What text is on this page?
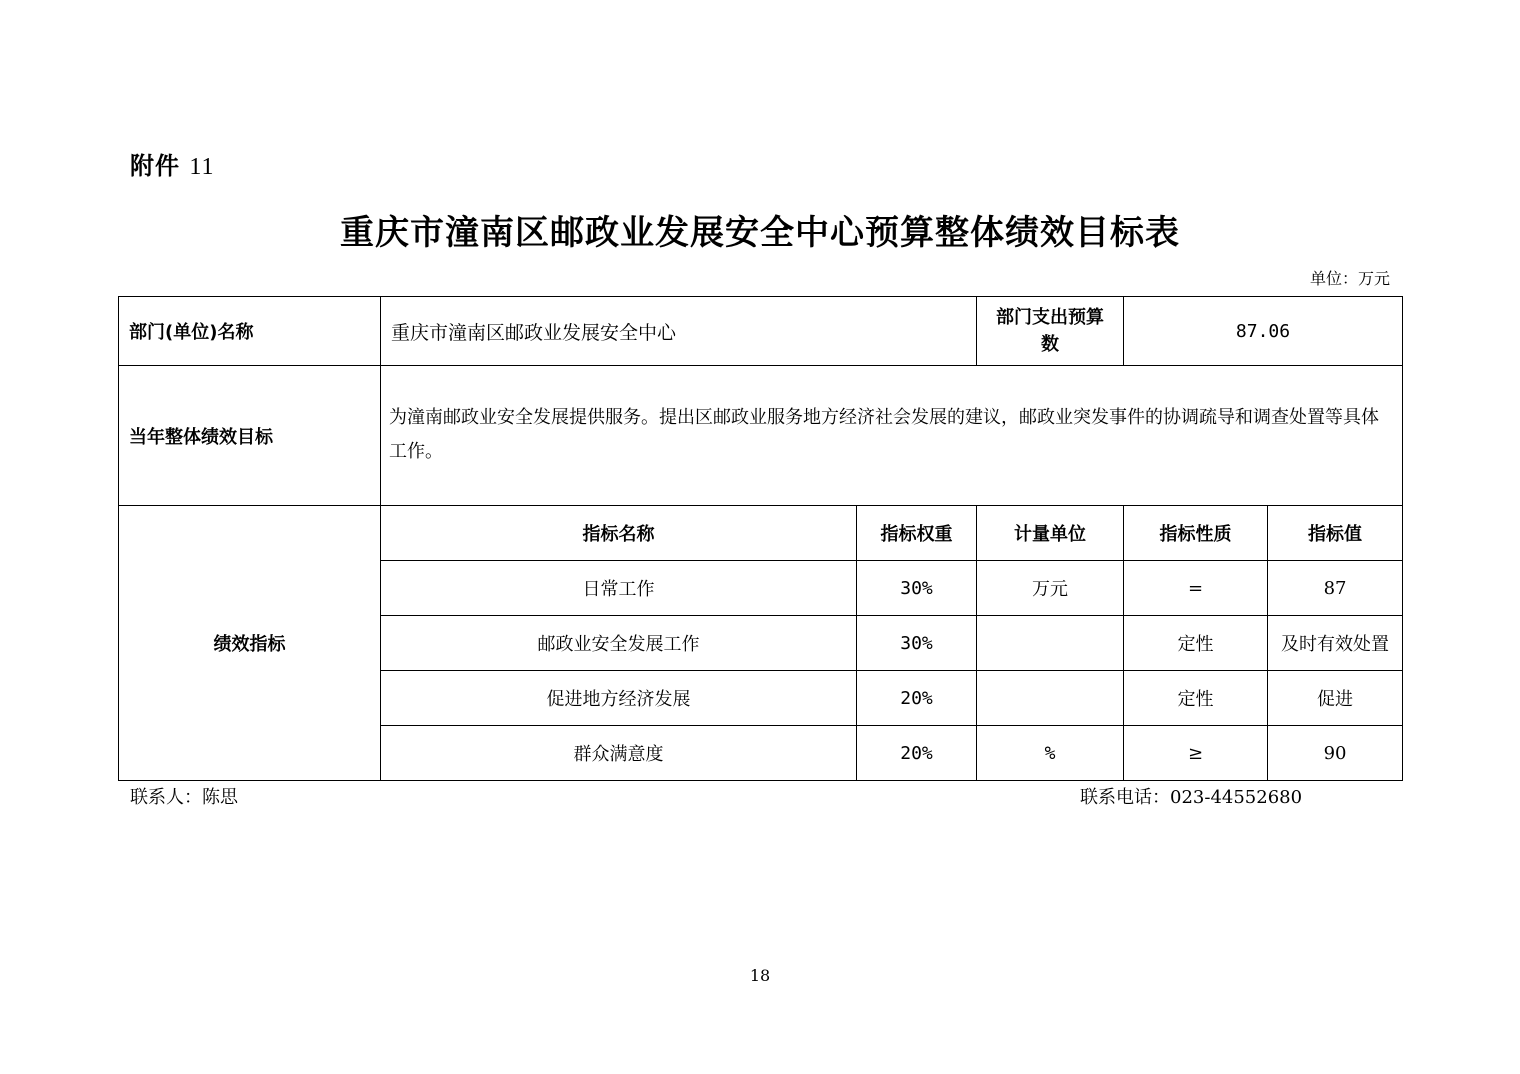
附件 11
重庆市潼南区邮政业发展安全中心预算整体绩效目标表
单位：万元
部门(单位)名称	重庆市潼南区邮政业发展安全中心		部门支出预算数	87.06	
当年整体绩效目标	为潼南邮政业安全发展提供服务。提出区邮政业服务地方经济社会发展的建议，邮政业突发事件的协调疏导和调查处置等具体工作。				

绩效指标	指标名称	指标权重	计量单位	指标性质	指标值
	日常工作	30%	万元	=	87
	邮政业安全发展工作	30%		定性	及时有效处置
	促进地方经济发展	20%		定性	促进
	群众满意度	20%	%	≥	90
联系人：陈思	联系电话：023-44552680
18
